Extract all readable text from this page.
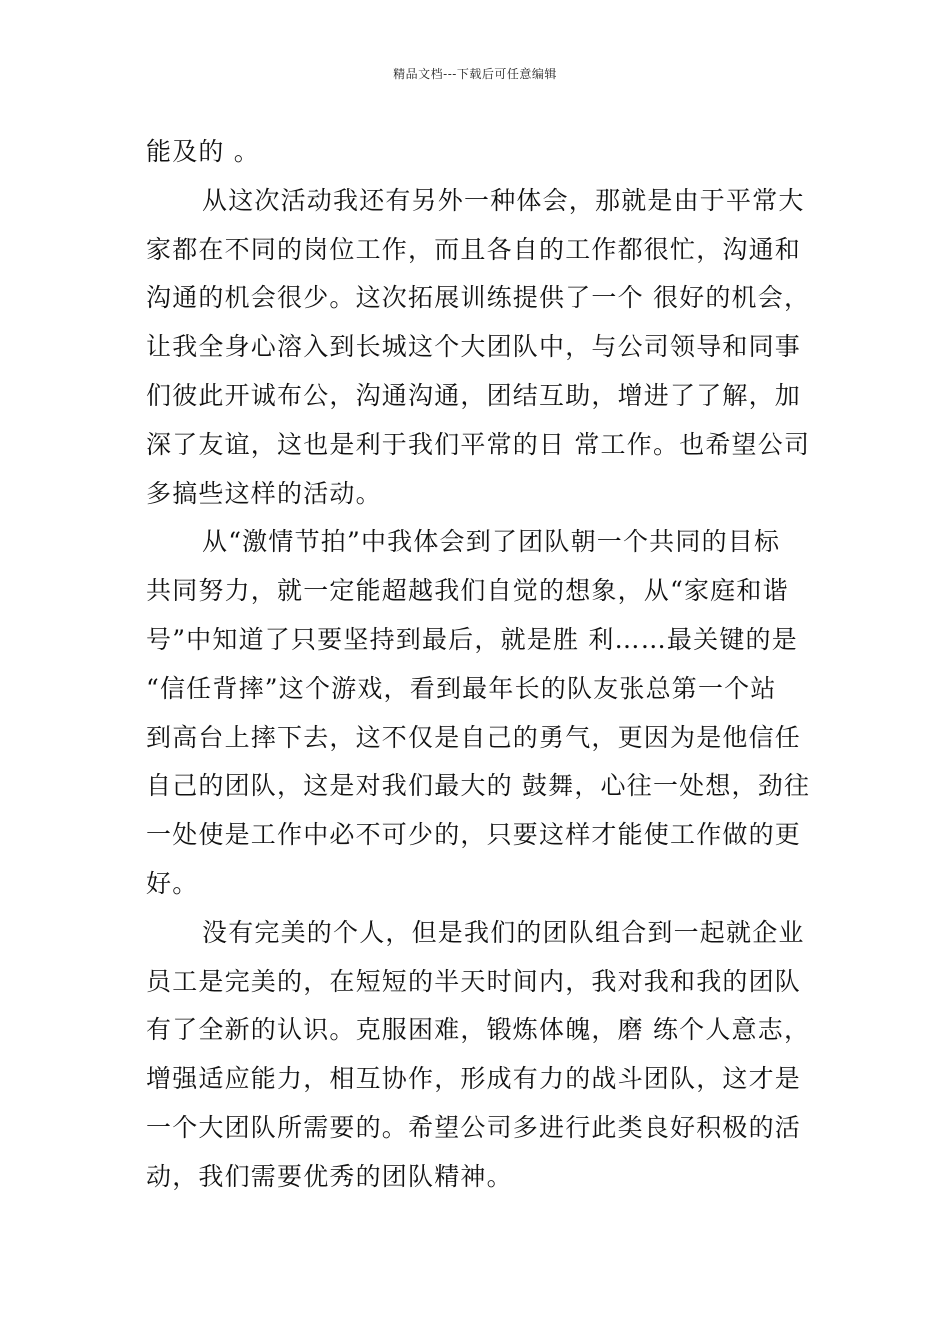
精品文档---下载后可任意编辑
能及的 。
从这次活动我还有另外一种体会，那就是由于平常大
家都在不同的岗位工作，而且各自的工作都很忙，沟通和
沟通的机会很少。这次拓展训练提供了一个 很好的机会，
让我全身心溶入到长城这个大团队中，与公司领导和同事
们彼此开诚布公，沟通沟通，团结互助，增进了了解，加
深了友谊，这也是利于我们平常的日 常工作。也希望公司
多搞些这样的活动。
从“激情节拍”中我体会到了团队朝一个共同的目标
共同努力，就一定能超越我们自觉的想象，从“家庭和谐
号”中知道了只要坚持到最后，就是胜 利……最关键的是
“信任背摔”这个游戏，看到最年长的队友张总第一个站
到高台上摔下去，这不仅是自己的勇气，更因为是他信任
自己的团队，这是对我们最大的 鼓舞，心往一处想，劲往
一处使是工作中必不可少的，只要这样才能使工作做的更
好。
没有完美的个人，但是我们的团队组合到一起就企业
员工是完美的，在短短的半天时间内，我对我和我的团队
有了全新的认识。克服困难，锻炼体魄，磨 练个人意志，
增强适应能力，相互协作，形成有力的战斗团队，这才是
一个大团队所需要的。希望公司多进行此类良好积极的活
动，我们需要优秀的团队精神。
